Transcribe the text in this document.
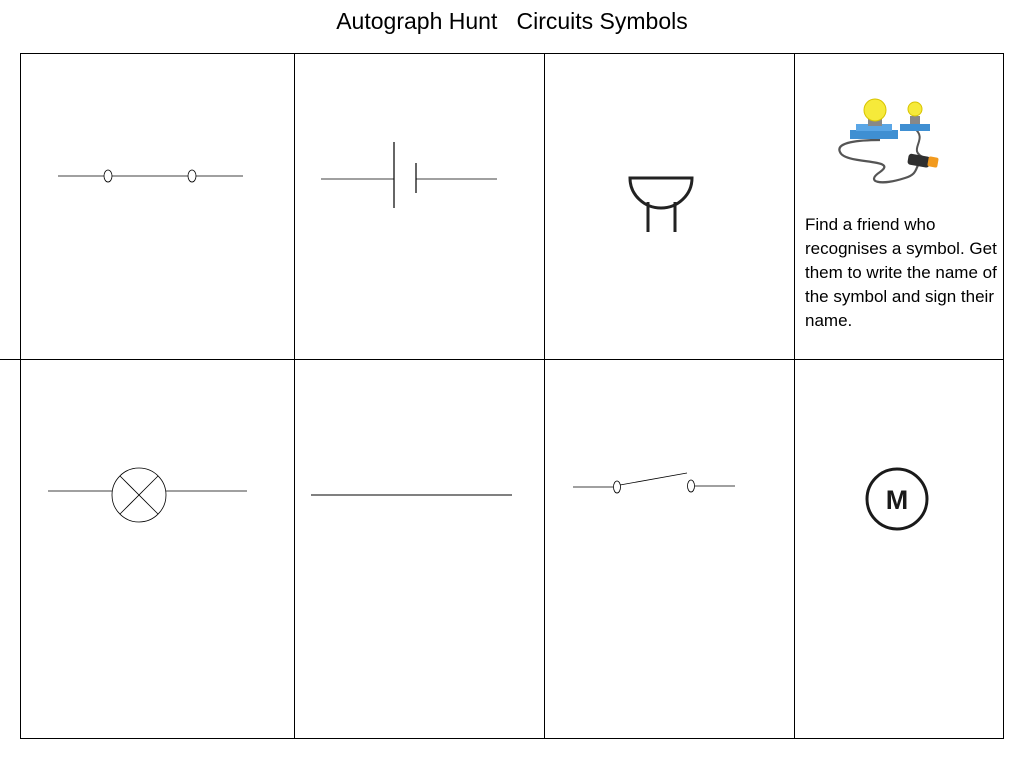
Autograph Hunt   Circuits Symbols
Find a friend who recognises a symbol. Get them to write the name of the symbol and sign their name.
M
